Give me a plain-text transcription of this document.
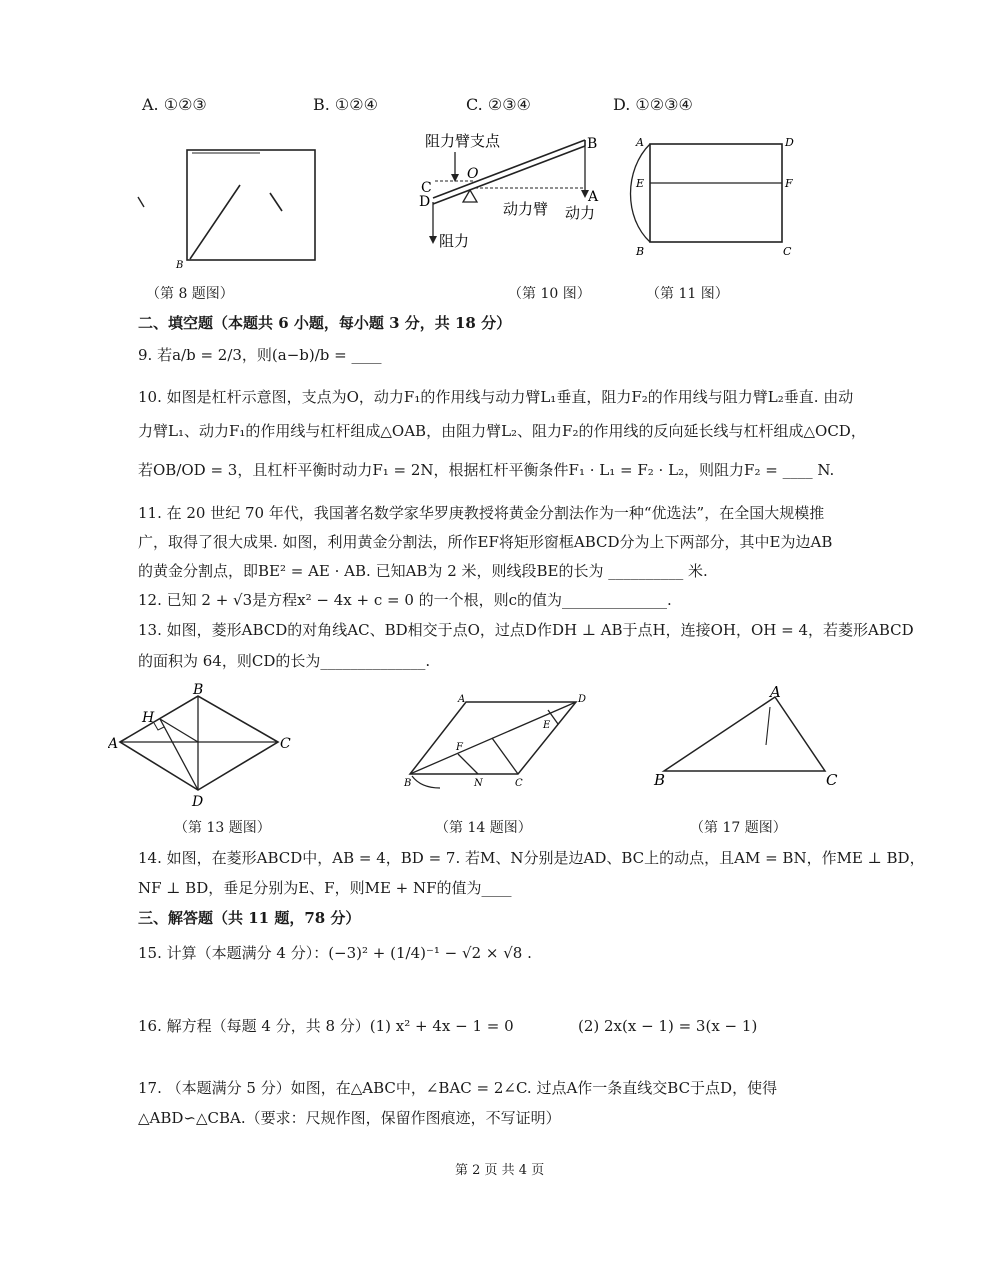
A. ①②③	B. ①②④	C. ②③④	D. ①②③④
B
（第 8 题图）
阻力臂支点	B
C
D
O
A
动力臂 动力
阻力
（第 10 图）
A	D
E	F
B	C
（第 11 图）
二、填空题（本题共 6 小题，每小题 3 分，共 18 分）
9. 若a/b = 2/3，则(a−b)/b = ____
10. 如图是杠杆示意图，支点为O，动力F₁的作用线与动力臂L₁垂直，阻力F₂的作用线与阻力臂L₂垂直. 由动
力臂L₁、动力F₁的作用线与杠杆组成△OAB，由阻力臂L₂、阻力F₂的作用线的反向延长线与杠杆组成△OCD，
若OB/OD = 3，且杠杆平衡时动力F₁ = 2N，根据杠杆平衡条件F₁ · L₁ = F₂ · L₂，则阻力F₂ = ____ N.
11. 在 20 世纪 70 年代，我国著名数学家华罗庚教授将黄金分割法作为一种“优选法”，在全国大规模推
广，取得了很大成果. 如图，利用黄金分割法，所作EF将矩形窗框ABCD分为上下两部分，其中E为边AB
的黄金分割点，即BE² = AE · AB. 已知AB为 2 米，则线段BE的长为 __________ 米.
12. 已知 2 + √3是方程x² − 4x + c = 0 的一个根，则c的值为______________.
13. 如图，菱形ABCD的对角线AC、BD相交于点O，过点D作DH ⊥ AB于点H，连接OH，OH = 4，若菱形ABCD
的面积为 64，则CD的长为______________.
A
B
C
D
H
（第 13 题图）
A	D
E
F
B	N	C
（第 14 题图）
A
B	C
（第 17 题图）
14. 如图，在菱形ABCD中，AB = 4，BD = 7. 若M、N分别是边AD、BC上的动点，且AM = BN，作ME ⊥ BD，
NF ⊥ BD，垂足分别为E、F，则ME + NF的值为____
三、解答题（共 11 题，78 分）
15. 计算（本题满分 4 分）：(−3)² + (1/4)⁻¹ − √2 × √8 .
16. 解方程（每题 4 分，共 8 分）(1) x² + 4x − 1 = 0	(2) 2x(x − 1) = 3(x − 1)
17. （本题满分 5 分）如图，在△ABC中，∠BAC = 2∠C. 过点A作一条直线交BC于点D，使得
△ABD∽△CBA.（要求：尺规作图，保留作图痕迹，不写证明）
第 2 页 共 4 页
